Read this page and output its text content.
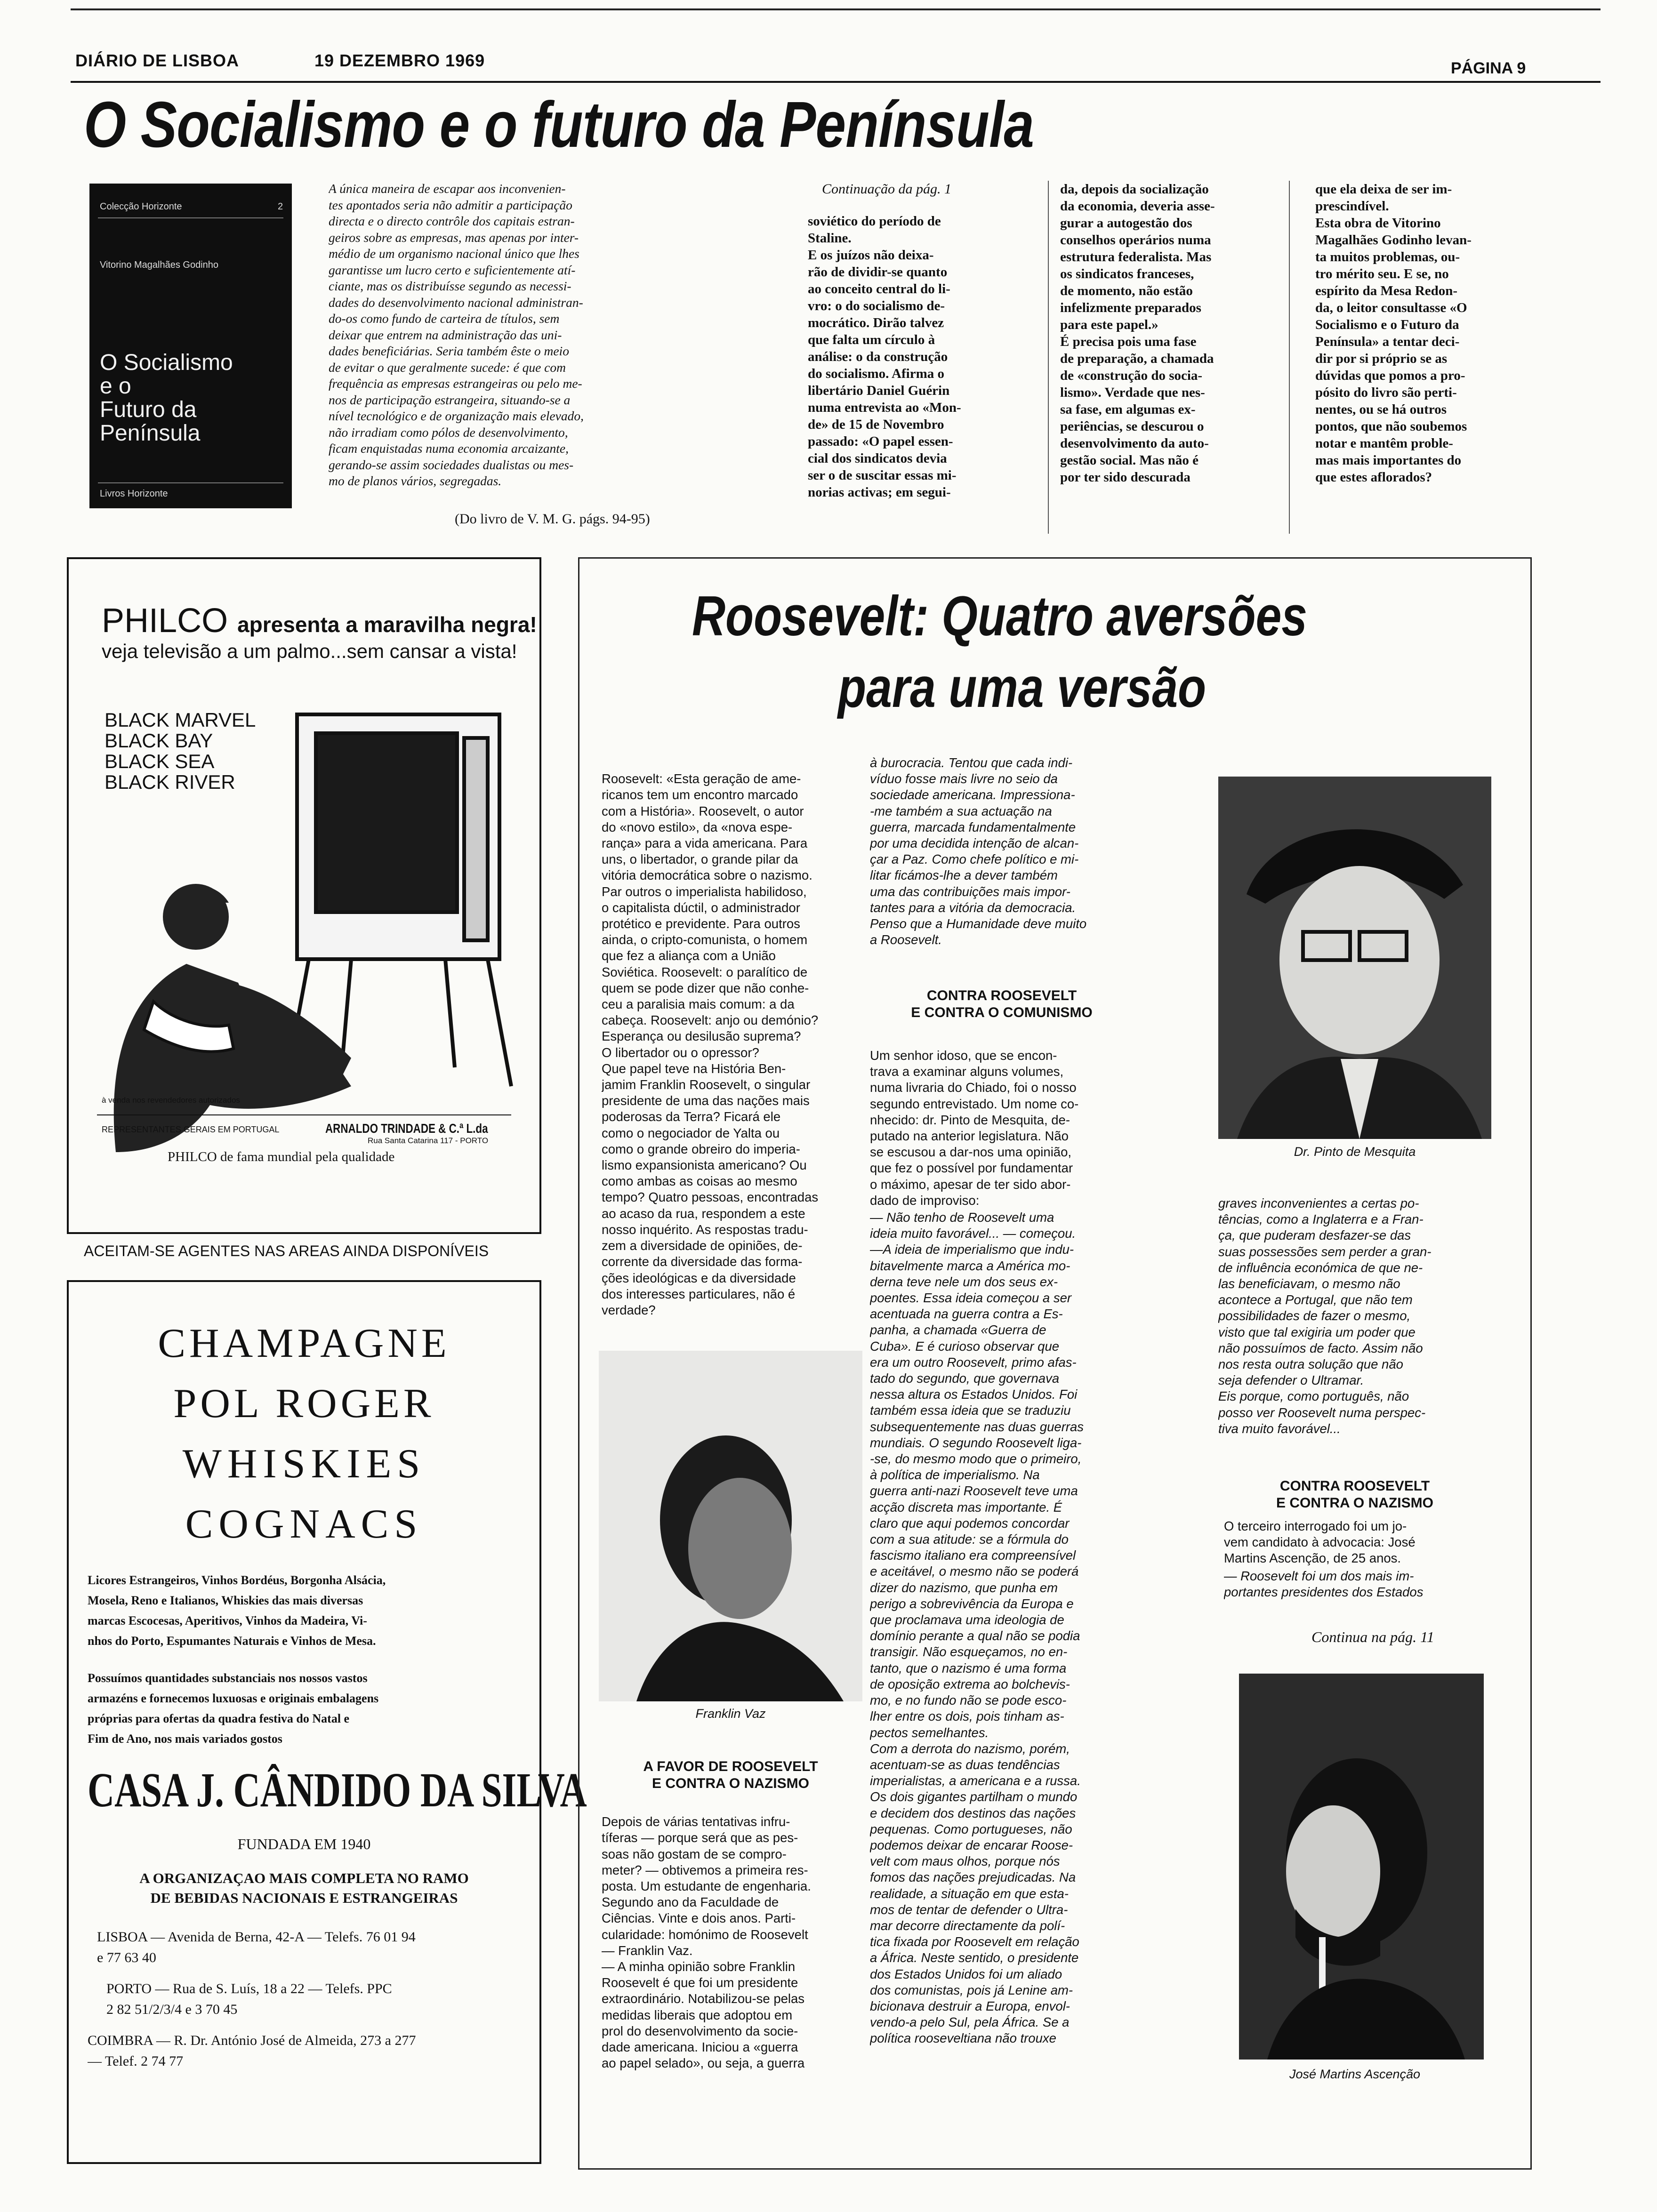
DIÁRIO DE LISBOA	19 DEZEMBRO 1969	PÁGINA 9
O Socialismo e o futuro da Península
Colecção Horizonte	2
Vitorino Magalhães Godinho
O Socialismo
e o
Futuro da
Península
Livros Horizonte
A única maneira de escapar aos inconvenien-
tes apontados seria não admitir a participação
directa e o directo contrôle dos capitais estran-
geiros sobre as empresas, mas apenas por inter-
médio de um organismo nacional único que lhes
garantisse um lucro certo e suficientemente atí-
ciante, mas os distribuísse segundo as necessi-
dades do desenvolvimento nacional administran-
do-os como fundo de carteira de títulos, sem
deixar que entrem na administração das uni-
dades beneficiárias. Seria também êste o meio
de evitar o que geralmente sucede: é que com
frequência as empresas estrangeiras ou pelo me-
nos de participação estrangeira, situando-se a
nível tecnológico e de organização mais elevado,
não irradiam como pólos de desenvolvimento,
ficam enquistadas numa economia arcaizante,
gerando-se assim sociedades dualistas ou mes-
mo de planos vários, segregadas.
(Do livro de V. M. G. págs. 94-95)
Continuação da pág. 1
soviético do período de
Staline.
E os juízos não deixa-
rão de dividir-se quanto
ao conceito central do li-
vro: o do socialismo de-
mocrático. Dirão talvez
que falta um círculo à
análise: o da construção
do socialismo. Afirma o
libertário Daniel Guérin
numa entrevista ao «Mon-
de» de 15 de Novembro
passado: «O papel essen-
cial dos sindicatos devia
ser o de suscitar essas mi-
norias activas; em segui-
da, depois da socialização
da economia, deveria asse-
gurar a autogestão dos
conselhos operários numa
estrutura federalista. Mas
os sindicatos franceses,
de momento, não estão
infelizmente preparados
para este papel.»
É precisa pois uma fase
de preparação, a chamada
de «construção do socia-
lismo». Verdade que nes-
sa fase, em algumas ex-
periências, se descurou o
desenvolvimento da auto-
gestão social. Mas não é
por ter sido descurada
que ela deixa de ser im-
prescindível.
Esta obra de Vitorino
Magalhães Godinho levan-
ta muitos problemas, ou-
tro mérito seu. E se, no
espírito da Mesa Redon-
da, o leitor consultasse «O
Socialismo e o Futuro da
Península» a tentar deci-
dir por si próprio se as
dúvidas que pomos a pro-
pósito do livro são perti-
nentes, ou se há outros
pontos, que não soubemos
notar e mantêm proble-
mas mais importantes do
que estes aflorados?
PHILCO apresenta a maravilha negra!
veja televisão a um palmo...sem cansar a vista!
BLACK MARVEL
BLACK BAY
BLACK SEA
BLACK RIVER
à venda nos revendedores autorizados
REPRESENTANTES GERAIS EM PORTUGAL	ARNALDO TRINDADE & C.ª L.da
Rua Santa Catarina 117 - PORTO
PHILCO de fama mundial pela qualidade
ACEITAM-SE AGENTES NAS AREAS AINDA DISPONÍVEIS
CHAMPAGNE
POL ROGER
WHISKIES
COGNACS
Licores Estrangeiros, Vinhos Bordéus, Borgonha Alsácia,
Mosela, Reno e Italianos, Whiskies das mais diversas
marcas Escocesas, Aperitivos, Vinhos da Madeira, Vi-
nhos do Porto, Espumantes Naturais e Vinhos de Mesa.
Possuímos quantidades substanciais nos nossos vastos
armazéns e fornecemos luxuosas e originais embalagens
próprias para ofertas da quadra festiva do Natal e
Fim de Ano, nos mais variados gostos
CASA J. CÂNDIDO DA SILVA
FUNDADA EM 1940
A ORGANIZAÇAO MAIS COMPLETA NO RAMO
DE BEBIDAS NACIONAIS E ESTRANGEIRAS
LISBOA — Avenida de Berna, 42-A — Telefs. 76 01 94
e 77 63 40
PORTO — Rua de S. Luís, 18 a 22 — Telefs. PPC
2 82 51/2/3/4 e 3 70 45
COIMBRA — R. Dr. António José de Almeida, 273 a 277
— Telef. 2 74 77
Roosevelt: Quatro aversões
para uma versão

Roosevelt: «Esta geração de ame-
ricanos tem um encontro marcado
com a História». Roosevelt, o autor
do «novo estilo», da «nova espe-
rança» para a vida americana. Para
uns, o libertador, o grande pilar da
vitória democrática sobre o nazismo.
Par outros o imperialista habilidoso,
o capitalista dúctil, o administrador
protético e previdente. Para outros
ainda, o cripto-comunista, o homem
que fez a aliança com a União
Soviética. Roosevelt: o paralítico de
quem se pode dizer que não conhe-
ceu a paralisia mais comum: a da
cabeça. Roosevelt: anjo ou demónio?
Esperança ou desilusão suprema?
O libertador ou o opressor?
Que papel teve na História Ben-
jamim Franklin Roosevelt, o singular
presidente de uma das nações mais
poderosas da Terra? Ficará ele
como o negociador de Yalta ou
como o grande obreiro do imperia-
lismo expansionista americano? Ou
como ambas as coisas ao mesmo
tempo? Quatro pessoas, encontradas
ao acaso da rua, respondem a este
nosso inquérito. As respostas tradu-
zem a diversidade de opiniões, de-
corrente da diversidade das forma-
ções ideológicas e da diversidade
dos interesses particulares, não é
verdade?

Franklin Vaz
A FAVOR DE ROOSEVELT
E CONTRA O NAZISMO

Depois de várias tentativas infru-
tíferas — porque será que as pes-
soas não gostam de se compro-
meter? — obtivemos a primeira res-
posta. Um estudante de engenharia.
Segundo ano da Faculdade de
Ciências. Vinte e dois anos. Parti-
cularidade: homónimo de Roosevelt
— Franklin Vaz.
— A minha opinião sobre Franklin
Roosevelt é que foi um presidente
extraordinário. Notabilizou-se pelas
medidas liberais que adoptou em
prol do desenvolvimento da socie-
dade americana. Iniciou a «guerra
ao papel selado», ou seja, a guerra

à burocracia. Tentou que cada indi-
víduo fosse mais livre no seio da
sociedade americana. Impressiona-
-me também a sua actuação na
guerra, marcada fundamentalmente
por uma decidida intenção de alcan-
çar a Paz. Como chefe político e mi-
litar ficámos-lhe a dever também
uma das contribuições mais impor-
tantes para a vitória da democracia.
Penso que a Humanidade deve muito
a Roosevelt.
CONTRA ROOSEVELT
E CONTRA O COMUNISMO
Um senhor idoso, que se encon-
trava a examinar alguns volumes,
numa livraria do Chiado, foi o nosso
segundo entrevistado. Um nome co-
nhecido: dr. Pinto de Mesquita, de-
putado na anterior legislatura. Não
se escusou a dar-nos uma opinião,
que fez o possível por fundamentar
o máximo, apesar de ter sido abor-
dado de improviso:
— Não tenho de Roosevelt uma
ideia muito favorável... — começou.
—A ideia de imperialismo que indu-
bitavelmente marca a América mo-
derna teve nele um dos seus ex-
poentes. Essa ideia começou a ser
acentuada na guerra contra a Es-
panha, a chamada «Guerra de
Cuba». E é curioso observar que
era um outro Roosevelt, primo afas-
tado do segundo, que governava
nessa altura os Estados Unidos. Foi
também essa ideia que se traduziu
subsequentemente nas duas guerras
mundiais. O segundo Roosevelt liga-
-se, do mesmo modo que o primeiro,
à política de imperialismo. Na
guerra anti-nazi Roosevelt teve uma
acção discreta mas importante. É
claro que aqui podemos concordar
com a sua atitude: se a fórmula do
fascismo italiano era compreensível
e aceitável, o mesmo não se poderá
dizer do nazismo, que punha em
perigo a sobrevivência da Europa e
que proclamava uma ideologia de
domínio perante a qual não se podia
transigir. Não esqueçamos, no en-
tanto, que o nazismo é uma forma
de oposição extrema ao bolchevis-
mo, e no fundo não se pode esco-
lher entre os dois, pois tinham as-
pectos semelhantes.
Com a derrota do nazismo, porém,
acentuam-se as duas tendências
imperialistas, a americana e a russa.
Os dois gigantes partilham o mundo
e decidem dos destinos das nações
pequenas. Como portugueses, não
podemos deixar de encarar Roose-
velt com maus olhos, porque nós
fomos das nações prejudicadas. Na
realidade, a situação em que esta-
mos de tentar de defender o Ultra-
mar decorre directamente da polí-
tica fixada por Roosevelt em relação
a África. Neste sentido, o presidente
dos Estados Unidos foi um aliado
dos comunistas, pois já Lenine am-
bicionava destruir a Europa, envol-
vendo-a pelo Sul, pela África. Se a
política rooseveltiana não trouxe
Dr. Pinto de Mesquita
graves inconvenientes a certas po-
tências, como a Inglaterra e a Fran-
ça, que puderam desfazer-se das
suas possessões sem perder a gran-
de influência económica de que ne-
las beneficiavam, o mesmo não
acontece a Portugal, que não tem
possibilidades de fazer o mesmo,
visto que tal exigiria um poder que
não possuímos de facto. Assim não
nos resta outra solução que não
seja defender o Ultramar.
Eis porque, como português, não
posso ver Roosevelt numa perspec-
tiva muito favorável...
CONTRA ROOSEVELT
E CONTRA O NAZISMO
O terceiro interrogado foi um jo-
vem candidato à advocacia: José
Martins Ascenção, de 25 anos.
— Roosevelt foi um dos mais im-
portantes presidentes dos Estados
Continua na pág. 11
José Martins Ascenção
